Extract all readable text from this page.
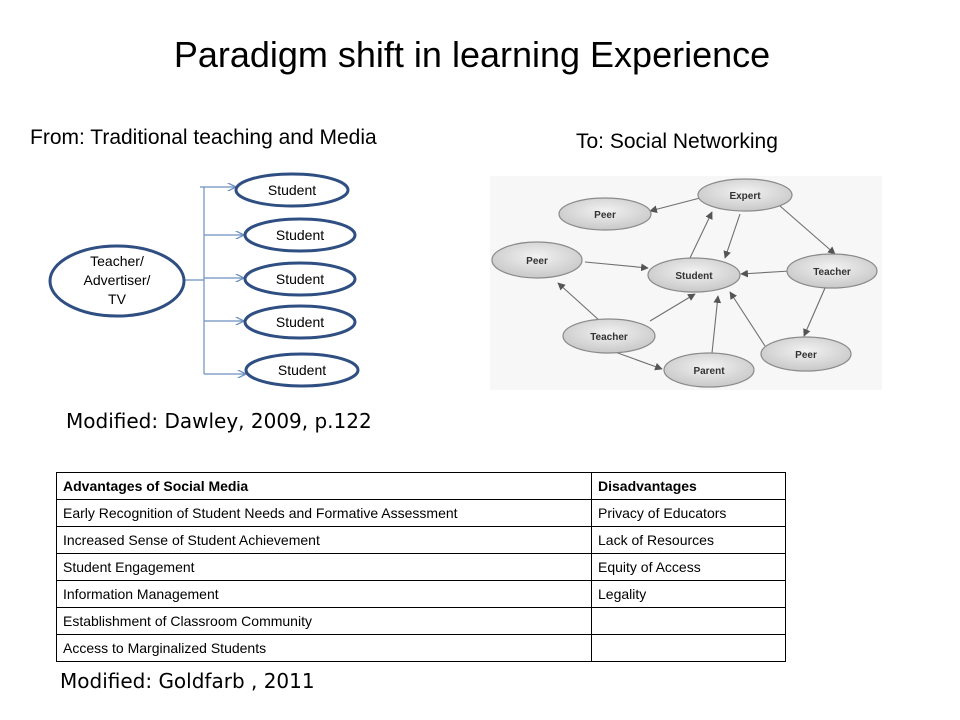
Paradigm shift in learning Experience
From: Traditional teaching and Media	To: Social Networking
Teacher/
Advertiser/
TV
Student
Student
Student
Student
Student
Expert
Peer
Peer
Student	Teacher
Teacher
Parent
Peer
Modified: Dawley, 2009, p.122
Advantages of Social Media	Disadvantages
Early Recognition of Student Needs and Formative Assessment	Privacy of Educators
Increased Sense of Student Achievement	Lack of Resources
Student Engagement	Equity of Access
Information Management	Legality
Establishment of Classroom Community	
Access to Marginalized Students	
Modified: Goldfarb , 2011
